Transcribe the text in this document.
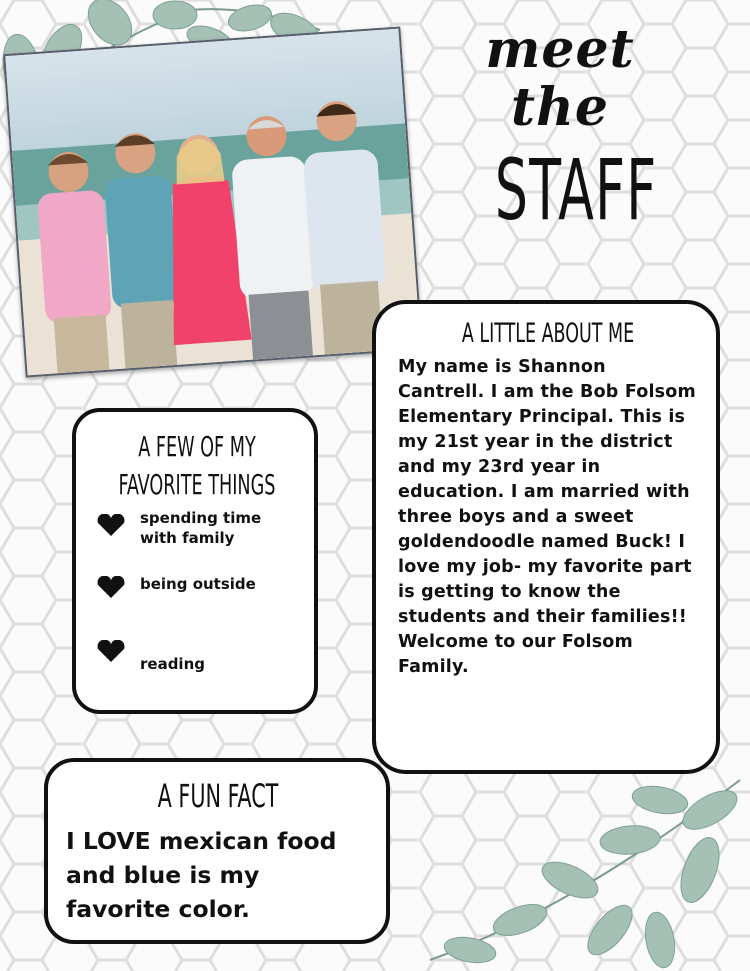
meet
the
STAFF
A LITTLE ABOUT ME

My name is Shannon Cantrell. I am the Bob Folsom Elementary Principal. This is my 21st year in the district and my 23rd year in education. I am married with three boys and a sweet goldendoodle named Buck! I love my job- my favorite part is getting to know the students and their families!! Welcome to our Folsom Family.

A FEW OF MY
FAVORITE THINGS
spending time with family
being outside
reading
A FUN FACT

I LOVE mexican food and blue is my favorite color.
